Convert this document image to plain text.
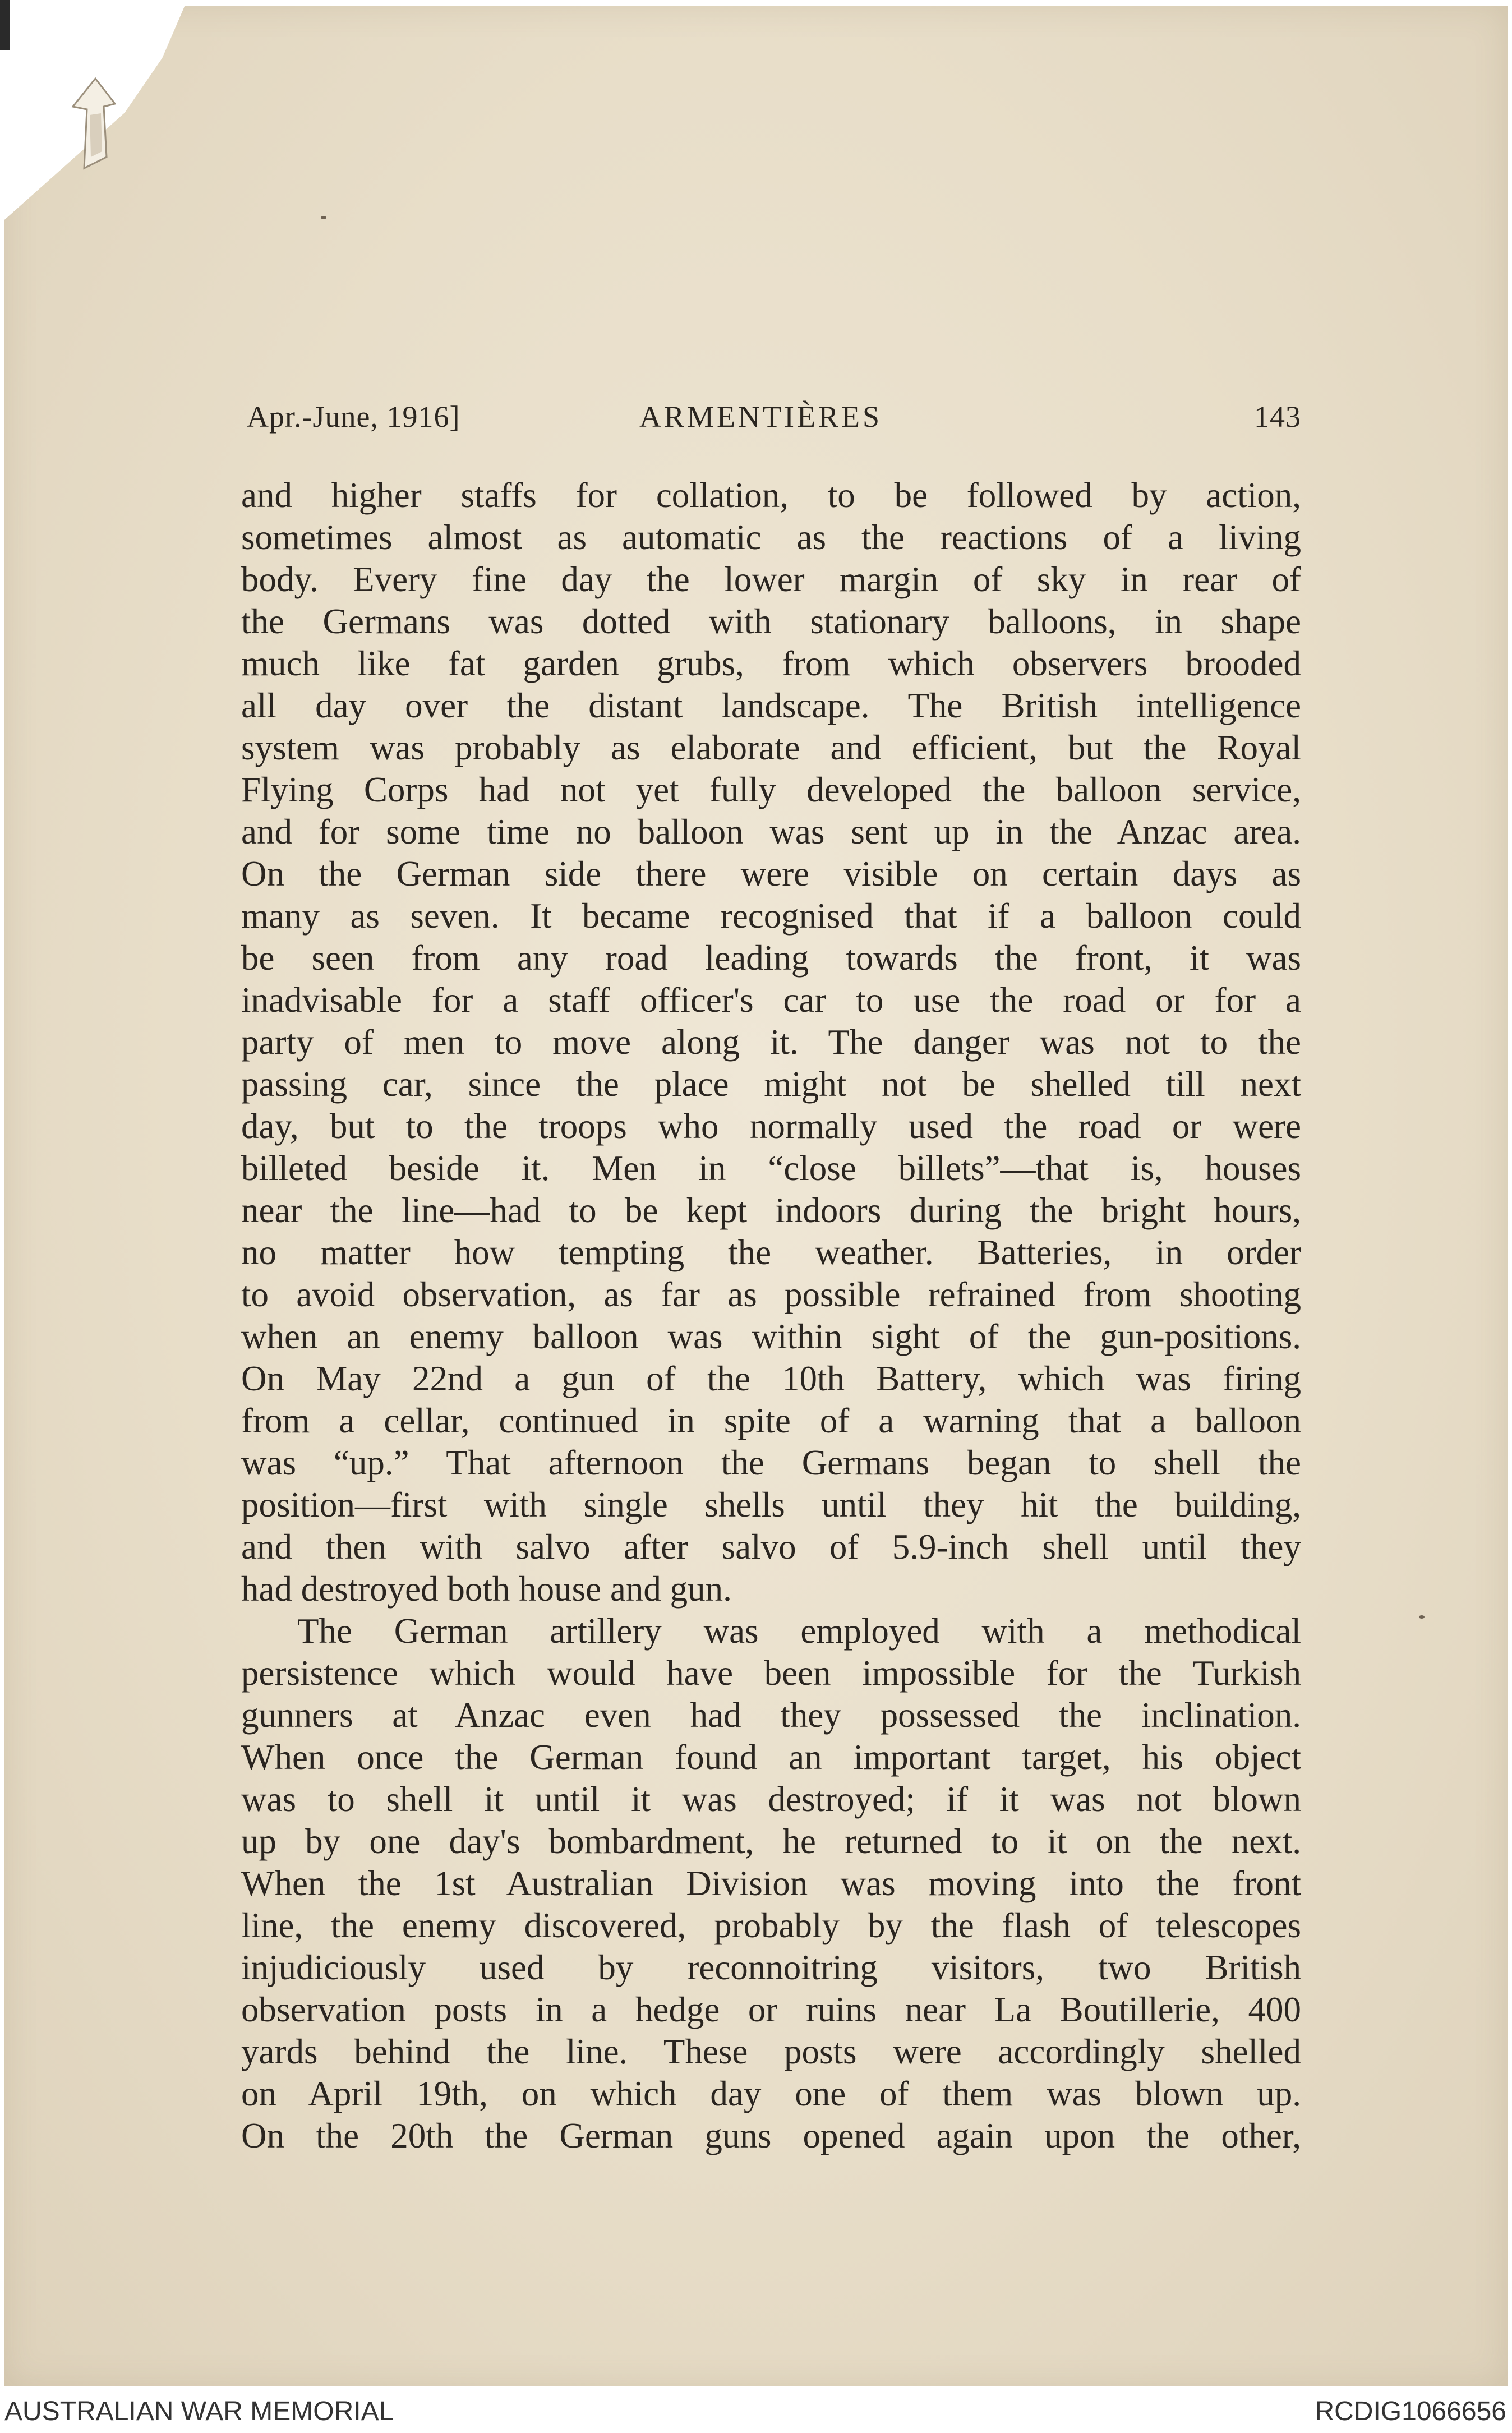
Apr.-June, 1916]	ARMENTIÈRES	143
and higher staffs for collation, to be followed by action,
sometimes almost as automatic as the reactions of a living
body. Every fine day the lower margin of sky in rear of
the Germans was dotted with stationary balloons, in shape
much like fat garden grubs, from which observers brooded
all day over the distant landscape. The British intelligence
system was probably as elaborate and efficient, but the Royal
Flying Corps had not yet fully developed the balloon service,
and for some time no balloon was sent up in the Anzac area.
On the German side there were visible on certain days as
many as seven. It became recognised that if a balloon could
be seen from any road leading towards the front, it was
inadvisable for a staff officer's car to use the road or for a
party of men to move along it. The danger was not to the
passing car, since the place might not be shelled till next
day, but to the troops who normally used the road or were
billeted beside it. Men in “close billets”—that is, houses
near the line—had to be kept indoors during the bright hours,
no matter how tempting the weather. Batteries, in order
to avoid observation, as far as possible refrained from shooting
when an enemy balloon was within sight of the gun-positions.
On May 22nd a gun of the 10th Battery, which was firing
from a cellar, continued in spite of a warning that a balloon
was “up.” That afternoon the Germans began to shell the
position—first with single shells until they hit the building,
and then with salvo after salvo of 5.9-inch shell until they
had destroyed both house and gun.
The German artillery was employed with a methodical
persistence which would have been impossible for the Turkish
gunners at Anzac even had they possessed the inclination.
When once the German found an important target, his object
was to shell it until it was destroyed; if it was not blown
up by one day's bombardment, he returned to it on the next.
When the 1st Australian Division was moving into the front
line, the enemy discovered, probably by the flash of telescopes
injudiciously used by reconnoitring visitors, two British
observation posts in a hedge or ruins near La Boutillerie, 400
yards behind the line. These posts were accordingly shelled
on April 19th, on which day one of them was blown up.
On the 20th the German guns opened again upon the other,
AUSTRALIAN WAR MEMORIAL	RCDIG1066656
